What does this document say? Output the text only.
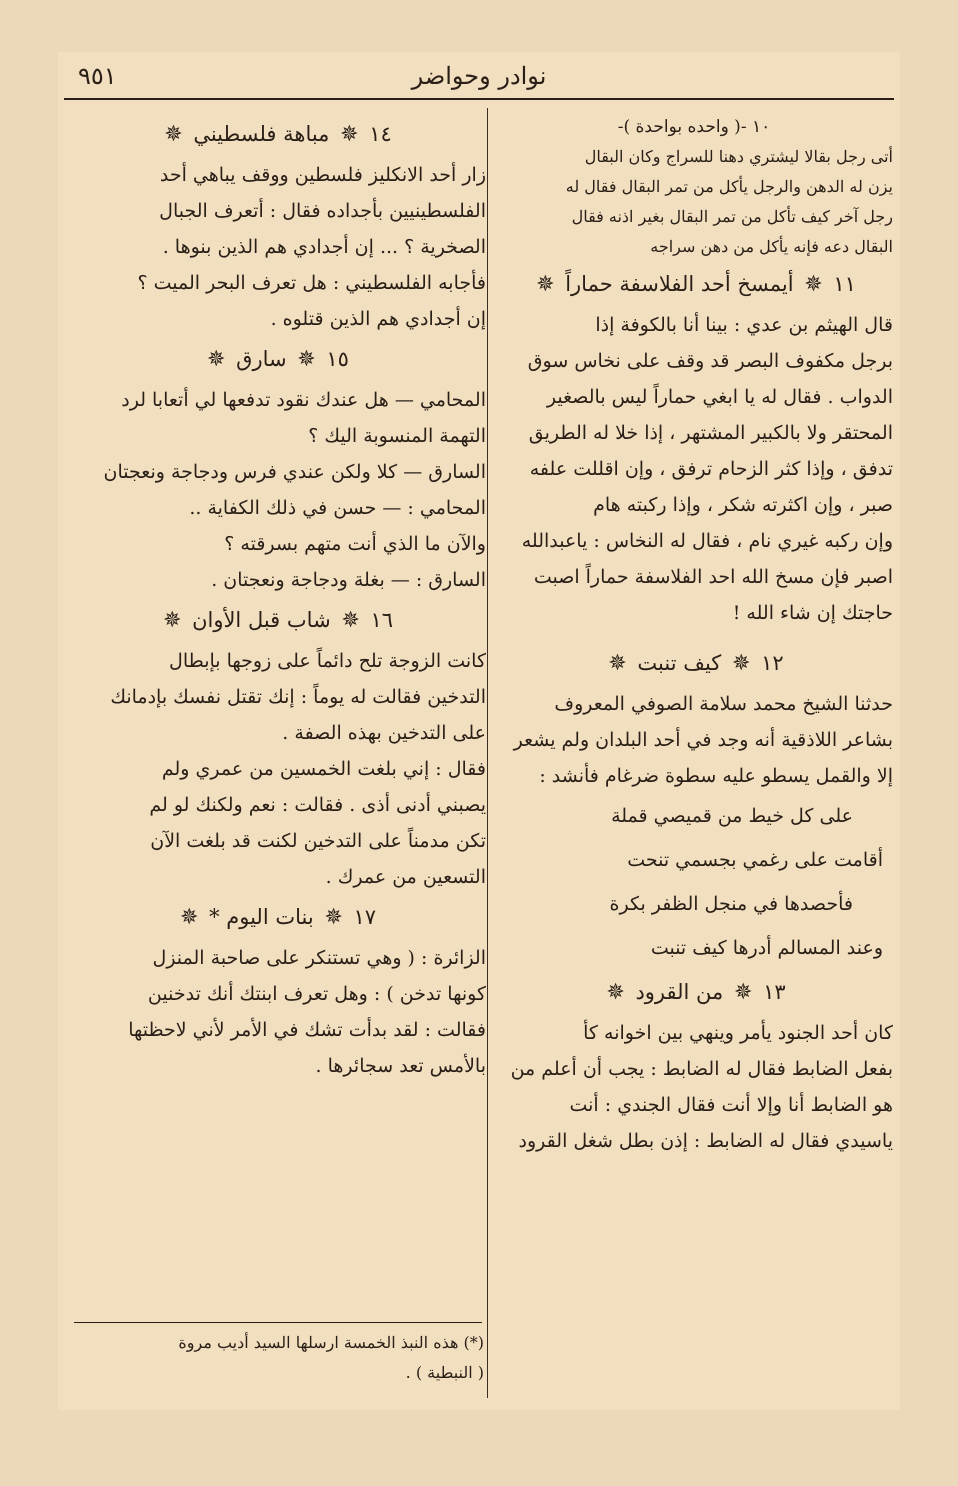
٩٥١	نوادر وحواضر
١٠ -( واحده بواحدة )-
أتى رجل بقالا ليشتري دهنا للسراج وكان البقال
يزن له الدهن والرجل يأكل من تمر البقال فقال له
رجل آخر كيف تأكل من تمر البقال بغير اذنه فقال
البقال دعه فإنه يأكل من دهن سراجه
١١ ✵ أيمسخ أحد الفلاسفة حماراً ✵
قال الهيثم بن عدي : بينا أنا بالكوفة إذا
برجل مكفوف البصر قد وقف على نخاس سوق
الدواب . فقال له يا ابغي حماراً ليس بالصغير
المحتقر ولا بالكبير المشتهر ، إذا خلا له الطريق
تدفق ، وإذا كثر الزحام ترفق ، وإن اقللت علفه
صبر ، وإن اكثرته شكر ، وإذا ركبته هام
وإن ركبه غيري نام ، فقال له النخاس : ياعبدالله
اصبر فإن مسخ الله احد الفلاسفة حماراً اصبت
حاجتك إن شاء الله !
١٢ ✵ كيف تنبت ✵
حدثنا الشيخ محمد سلامة الصوفي المعروف
بشاعر اللاذقية أنه وجد في أحد البلدان ولم يشعر
إلا والقمل يسطو عليه سطوة ضرغام فأنشد :
على كل خيط من قميصي قملة
أقامت على رغمي بجسمي تنحت
فأحصدها في منجل الظفر بكرة
وعند المسالم أدرها كيف تنبت
١٣ ✵ من القرود ✵
كان أحد الجنود يأمر وينهي بين اخوانه كأ
بفعل الضابط فقال له الضابط : يجب أن أعلم من
هو الضابط أنا وإلا أنت فقال الجندي : أنت
ياسيدي فقال له الضابط : إذن بطل شغل القرود
١٤ ✵ مباهة فلسطيني ✵
زار أحد الانكليز فلسطين ووقف يباهي أحد
الفلسطينيين بأجداده فقال : أتعرف الجبال
الصخرية ؟ ... إن أجدادي هم الذين بنوها .
فأجابه الفلسطيني : هل تعرف البحر الميت ؟
إن أجدادي هم الذين قتلوه .
١٥ ✵ سارق ✵
المحامي — هل عندك نقود تدفعها لي أتعابا لرد
التهمة المنسوبة اليك ؟
السارق — كلا ولكن عندي فرس ودجاجة ونعجتان
المحامي : — حسن في ذلك الكفاية ..
والآن ما الذي أنت متهم بسرقته ؟
السارق : — بغلة ودجاجة ونعجتان .
١٦ ✵ شاب قبل الأوان ✵
كانت الزوجة تلح دائماً على زوجها بإبطال
التدخين فقالت له يوماً : إنك تقتل نفسك بإدمانك
على التدخين بهذه الصفة .
فقال : إني بلغت الخمسين من عمري ولم
يصبني أدنى أذى . فقالت : نعم ولكنك لو لم
تكن مدمناً على التدخين لكنت قد بلغت الآن
التسعين من عمرك .
١٧ ✵ بنات اليوم * ✵
الزائرة : ( وهي تستنكر على صاحبة المنزل
كونها تدخن ) : وهل تعرف ابنتك أنك تدخنين
فقالت : لقد بدأت تشك في الأمر لأني لاحظتها
بالأمس تعد سجائرها .
(*) هذه النبذ الخمسة ارسلها السيد أديب مروة
( النبطية ) .
